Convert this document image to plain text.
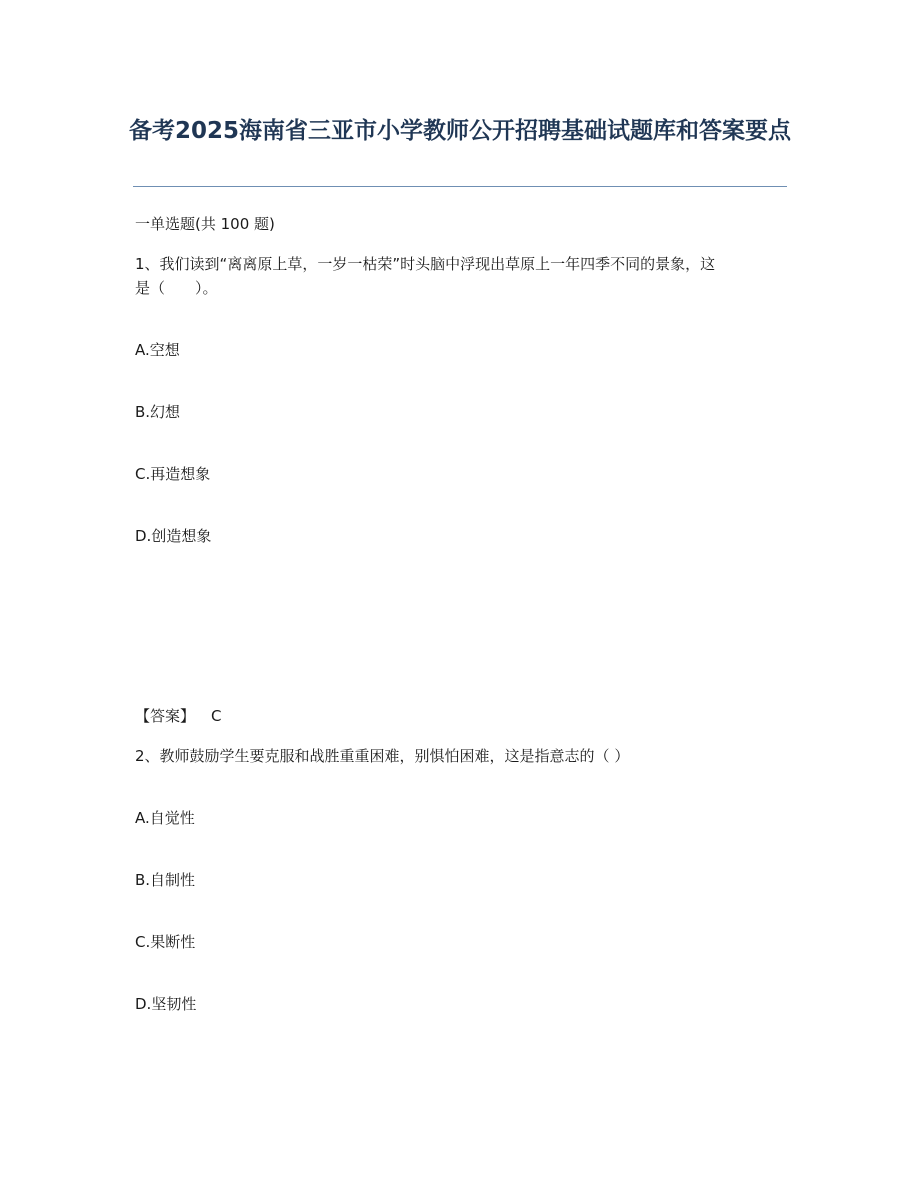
备考2025海南省三亚市小学教师公开招聘基础试题库和答案要点
一单选题(共 100 题)
1、我们读到“离离原上草，一岁一枯荣”时头脑中浮现出草原上一年四季不同的景象，这
是（　　）。
A.空想
B.幻想
C.再造想象
D.创造想象
【答案】 C
2、教师鼓励学生要克服和战胜重重困难，别惧怕困难，这是指意志的（ ）
A.自觉性
B.自制性
C.果断性
D.坚韧性
